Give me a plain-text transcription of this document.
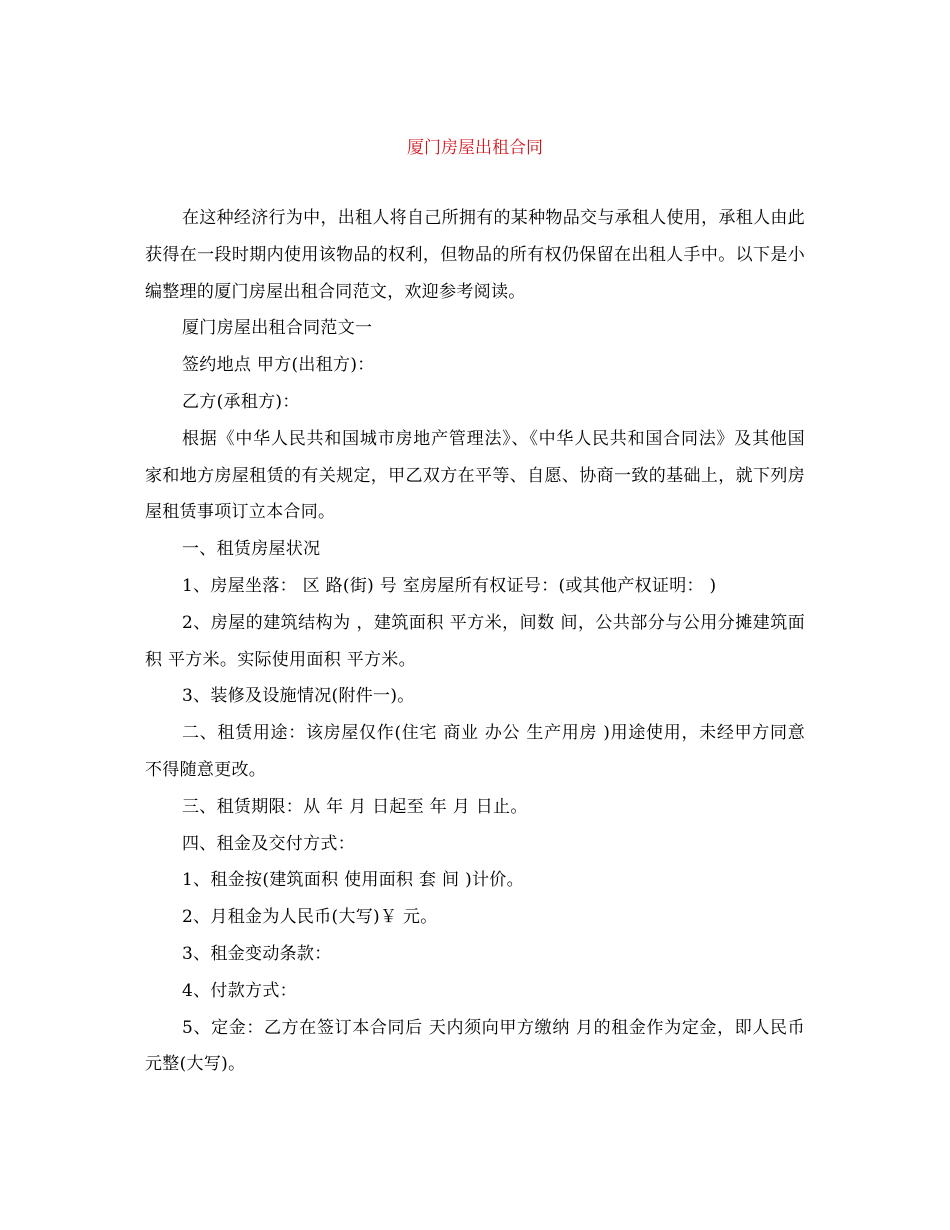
厦门房屋出租合同

在这种经济行为中，出租人将自己所拥有的某种物品交与承租人使用，承租人由此获得在一段时期内使用该物品的权利，但物品的所有权仍保留在出租人手中。以下是小编整理的厦门房屋出租合同范文，欢迎参考阅读。

厦门房屋出租合同范文一

签约地点 甲方(出租方)：

乙方(承租方)：

根据《中华人民共和国城市房地产管理法》、《中华人民共和国合同法》及其他国家和地方房屋租赁的有关规定，甲乙双方在平等、自愿、协商一致的基础上，就下列房屋租赁事项订立本合同。

一、租赁房屋状况

1、房屋坐落： 区 路(街) 号 室房屋所有权证号：(或其他产权证明： )

2、房屋的建筑结构为 ，建筑面积 平方米，间数 间，公共部分与公用分摊建筑面积 平方米。实际使用面积 平方米。

3、装修及设施情况(附件一)。

二、租赁用途：该房屋仅作(住宅 商业 办公 生产用房 )用途使用，未经甲方同意不得随意更改。

三、租赁期限：从 年 月 日起至 年 月 日止。

四、租金及交付方式：

1、租金按(建筑面积 使用面积 套 间 )计价。

2、月租金为人民币(大写)￥ 元。

3、租金变动条款：

4、付款方式：

5、定金：乙方在签订本合同后 天内须向甲方缴纳 月的租金作为定金，即人民币 元整(大写)。
